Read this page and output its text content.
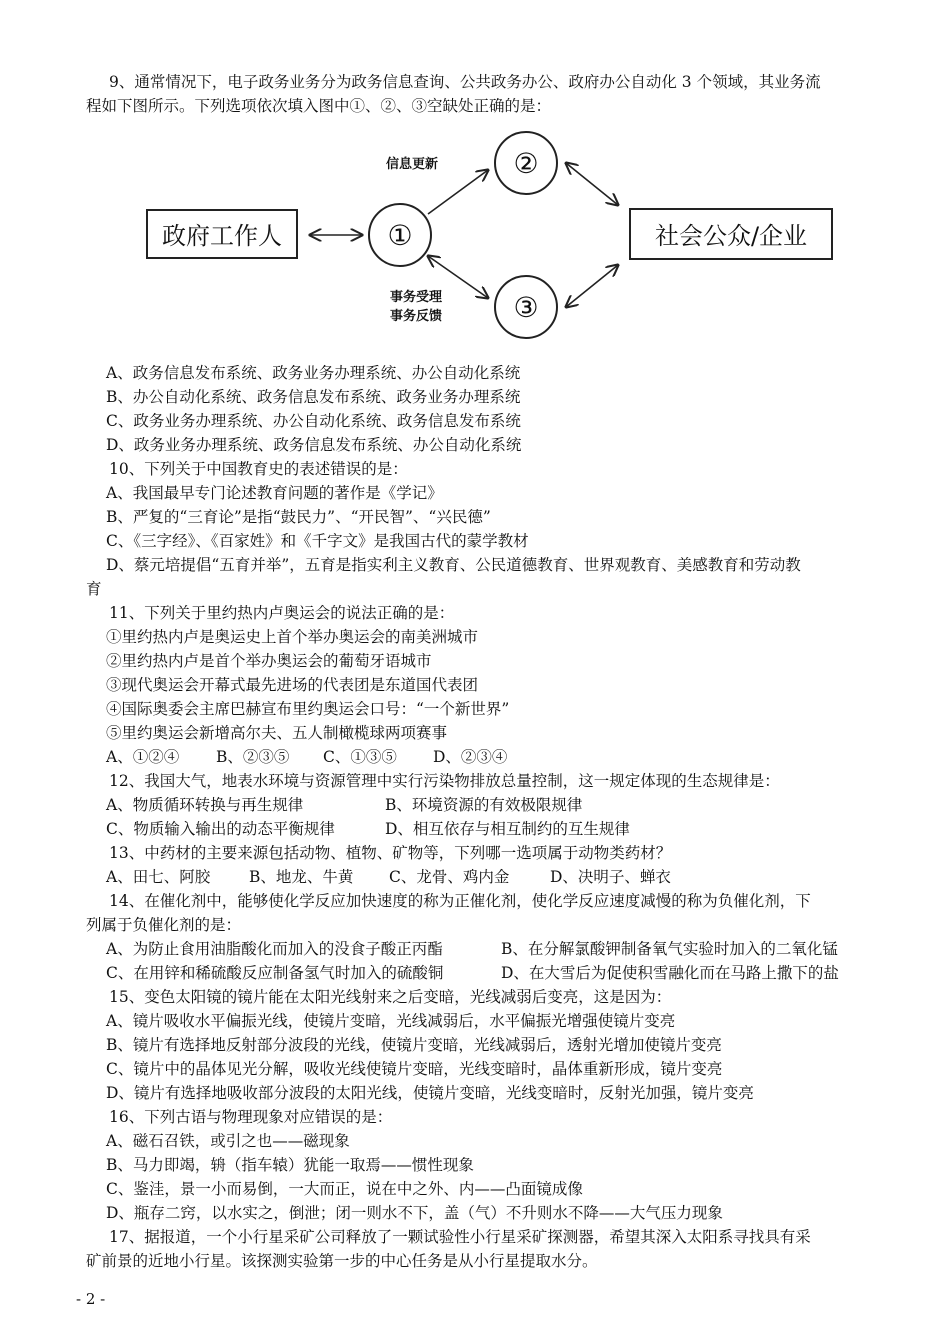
9、通常情况下，电子政务业务分为政务信息查询、公共政务办公、政府办公自动化 3 个领域，其业务流
程如下图所示。下列选项依次填入图中①、②、③空缺处正确的是：
政府工作人	社会公众/企业
①
②
③
信息更新
事务受理
事务反馈
A、政务信息发布系统、政务业务办理系统、办公自动化系统
B、办公自动化系统、政务信息发布系统、政务业务办理系统
C、政务业务办理系统、办公自动化系统、政务信息发布系统
D、政务业务办理系统、政务信息发布系统、办公自动化系统
10、下列关于中国教育史的表述错误的是：
A、我国最早专门论述教育问题的著作是《学记》
B、严复的“三育论”是指“鼓民力”、“开民智”、“兴民德”
C、《三字经》、《百家姓》和《千字文》是我国古代的蒙学教材
D、蔡元培提倡“五育并举”，五育是指实利主义教育、公民道德教育、世界观教育、美感教育和劳动教
育
11、下列关于里约热内卢奥运会的说法正确的是：
①里约热内卢是奥运史上首个举办奥运会的南美洲城市
②里约热内卢是首个举办奥运会的葡萄牙语城市
③现代奥运会开幕式最先进场的代表团是东道国代表团
④国际奥委会主席巴赫宣布里约奥运会口号：“一个新世界”
⑤里约奥运会新增高尔夫、五人制橄榄球两项赛事
A、①②④	B、②③⑤	C、①③⑤	D、②③④
12、我国大气，地表水环境与资源管理中实行污染物排放总量控制，这一规定体现的生态规律是：
A、物质循环转换与再生规律	B、环境资源的有效极限规律
C、物质输入输出的动态平衡规律	D、相互依存与相互制约的互生规律
13、中药材的主要来源包括动物、植物、矿物等，下列哪一选项属于动物类药材？
A、田七、阿胶	B、地龙、牛黄	C、龙骨、鸡内金	D、决明子、蝉衣
14、在催化剂中，能够使化学反应加快速度的称为正催化剂，使化学反应速度减慢的称为负催化剂，下
列属于负催化剂的是：
A、为防止食用油脂酸化而加入的没食子酸正丙酯	B、在分解氯酸钾制备氧气实验时加入的二氧化锰
C、在用锌和稀硫酸反应制备氢气时加入的硫酸铜	D、在大雪后为促使积雪融化而在马路上撒下的盐
15、变色太阳镜的镜片能在太阳光线射来之后变暗，光线减弱后变亮，这是因为：
A、镜片吸收水平偏振光线，使镜片变暗，光线减弱后，水平偏振光增强使镜片变亮
B、镜片有选择地反射部分波段的光线，使镜片变暗，光线减弱后，透射光增加使镜片变亮
C、镜片中的晶体见光分解，吸收光线使镜片变暗，光线变暗时，晶体重新形成，镜片变亮
D、镜片有选择地吸收部分波段的太阳光线，使镜片变暗，光线变暗时，反射光加强，镜片变亮
16、下列古语与物理现象对应错误的是：
A、磁石召铁，或引之也——磁现象
B、马力即竭，辀（指车辕）犹能一取焉——惯性现象
C、鉴洼，景一小而易倒，一大而正，说在中之外、内——凸面镜成像
D、瓶存二窍，以水实之，倒泄；闭一则水不下，盖（气）不升则水不降——大气压力现象
17、据报道，一个小行星采矿公司释放了一颗试验性小行星采矿探测器，希望其深入太阳系寻找具有采
矿前景的近地小行星。该探测实验第一步的中心任务是从小行星提取水分。
- 2 -
